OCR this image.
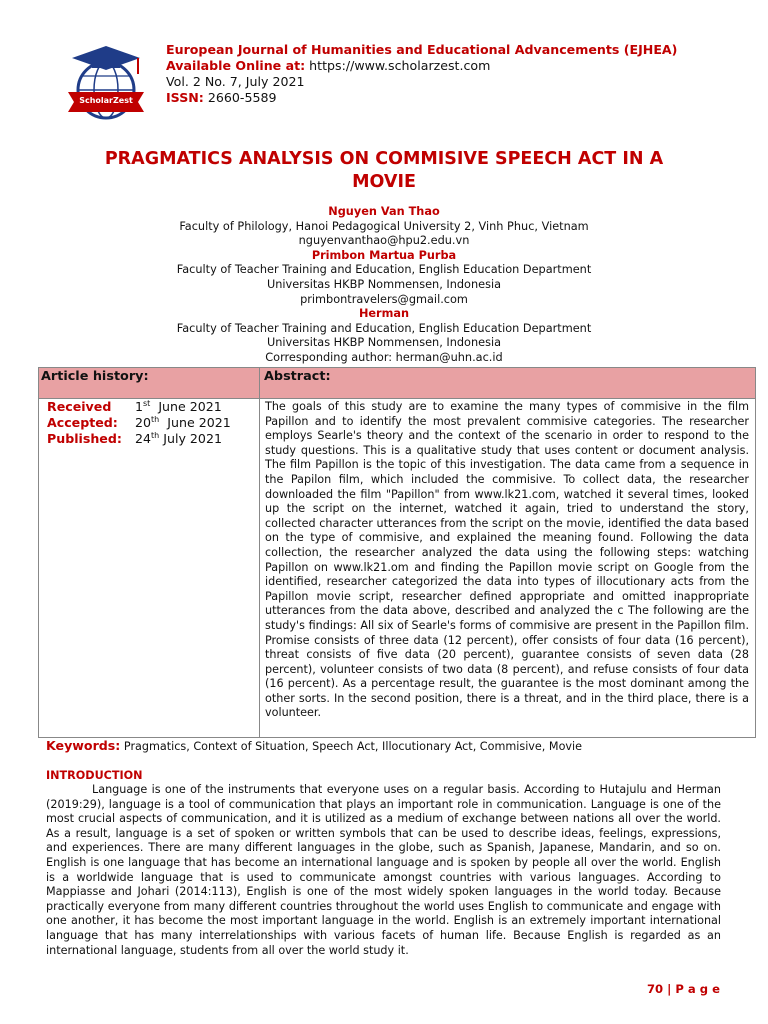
ScholarZest
European Journal of Humanities and Educational Advancements (EJHEA)
Available Online at: https://www.scholarzest.com
Vol. 2 No. 7, July 2021
ISSN: 2660-5589
PRAGMATICS ANALYSIS ON COMMISIVE SPEECH ACT IN A
MOVIE
Nguyen Van Thao
Faculty of Philology, Hanoi Pedagogical University 2, Vinh Phuc, Vietnam
nguyenvanthao@hpu2.edu.vn
Primbon Martua Purba
Faculty of Teacher Training and Education, English Education Department
Universitas HKBP Nommensen, Indonesia
primbontravelers@gmail.com
Herman
Faculty of Teacher Training and Education, English Education Department
Universitas HKBP Nommensen, Indonesia
Corresponding author: herman@uhn.ac.id
Article history:	Abstract:
Received 1st June 2021
Accepted: 20th June 2021
Published: 24th July 2021
The goals of this study are to examine the many types of commisive in the film Papillon and to identify the most prevalent commisive categories. The researcher employs Searle's theory and the context of the scenario in order to respond to the study questions. This is a qualitative study that uses content or document analysis. The film Papillon is the topic of this investigation. The data came from a sequence in the Papilon film, which included the commisive. To collect data, the researcher downloaded the film "Papillon" from www.lk21.com, watched it several times, looked up the script on the internet, watched it again, tried to understand the story, collected character utterances from the script on the movie, identified the data based on the type of commisive, and explained the meaning found. Following the data collection, the researcher analyzed the data using the following steps: watching Papillon on www.lk21.om and finding the Papillon movie script on Google from the identified, researcher categorized the data into types of illocutionary acts from the Papillon movie script, researcher defined appropriate and omitted inappropriate utterances from the data above, described and analyzed the c The following are the study's findings: All six of Searle's forms of commisive are present in the Papillon film. Promise consists of three data (12 percent), offer consists of four data (16 percent), threat consists of five data (20 percent), guarantee consists of seven data (28 percent), volunteer consists of two data (8 percent), and refuse consists of four data (16 percent). As a percentage result, the guarantee is the most dominant among the other sorts. In the second position, there is a threat, and in the third place, there is a volunteer.
Keywords: Pragmatics, Context of Situation, Speech Act, Illocutionary Act, Commisive, Movie
INTRODUCTION
Language is one of the instruments that everyone uses on a regular basis. According to Hutajulu and Herman (2019:29), language is a tool of communication that plays an important role in communication. Language is one of the most crucial aspects of communication, and it is utilized as a medium of exchange between nations all over the world. As a result, language is a set of spoken or written symbols that can be used to describe ideas, feelings, expressions, and experiences. There are many different languages in the globe, such as Spanish, Japanese, Mandarin, and so on. English is one language that has become an international language and is spoken by people all over the world. English is a worldwide language that is used to communicate amongst countries with various languages. According to Mappiasse and Johari (2014:113), English is one of the most widely spoken languages in the world today. Because practically everyone from many different countries throughout the world uses English to communicate and engage with one another, it has become the most important language in the world. English is an extremely important international language that has many interrelationships with various facets of human life. Because English is regarded as an international language, students from all over the world study it.
70 | P a g e
